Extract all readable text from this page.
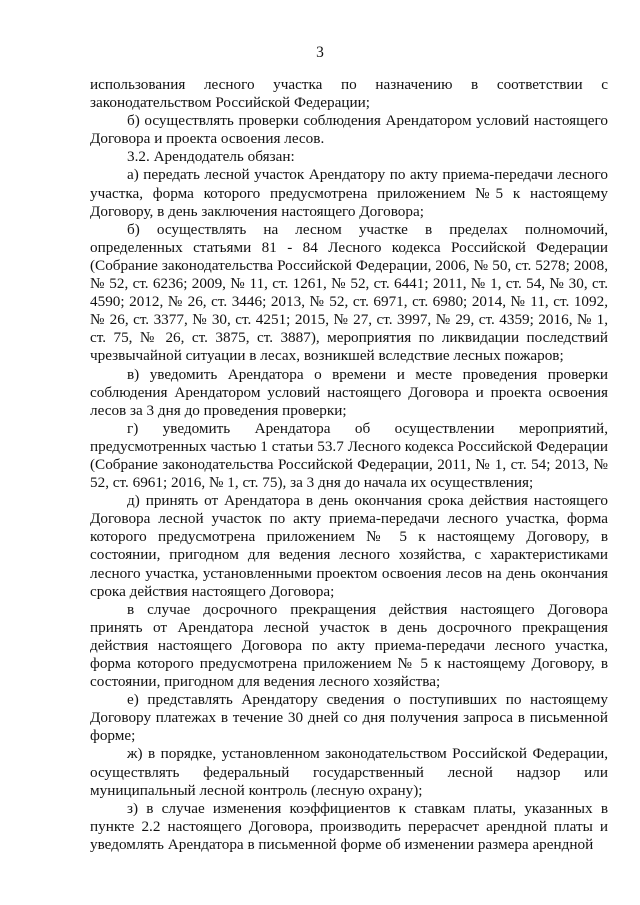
3

использования лесного участка по назначению в соответствии с законодательством Российской Федерации;

б) осуществлять проверки соблюдения Арендатором условий настоящего Договора и проекта освоения лесов.

3.2. Арендодатель обязан:

а) передать лесной участок Арендатору по акту приема-передачи лесного участка, форма которого предусмотрена приложением №5 к настоящему Договору, в день заключения настоящего Договора;

б) осуществлять на лесном участке в пределах полномочий, определенных статьями 81 - 84 Лесного кодекса Российской Федерации (Собрание законодательства Российской Федерации, 2006, № 50, ст. 5278; 2008, № 52, ст. 6236; 2009, № 11, ст. 1261, № 52, ст. 6441; 2011, № 1, ст. 54, № 30, ст. 4590; 2012, № 26, ст. 3446; 2013, № 52, ст. 6971, ст. 6980; 2014, № 11, ст. 1092, № 26, ст. 3377, № 30, ст. 4251; 2015, № 27, ст. 3997, № 29, ст. 4359; 2016, № 1, ст. 75, № 26, ст. 3875, ст. 3887), мероприятия по ликвидации последствий чрезвычайной ситуации в лесах, возникшей вследствие лесных пожаров;

в) уведомить Арендатора о времени и месте проведения проверки соблюдения Арендатором условий настоящего Договора и проекта освоения лесов за 3 дня до проведения проверки;

г) уведомить Арендатора об осуществлении мероприятий, предусмотренных частью 1 статьи 53.7 Лесного кодекса Российской Федерации (Собрание законодательства Российской Федерации, 2011, № 1, ст. 54; 2013, № 52, ст. 6961; 2016, № 1, ст. 75), за 3 дня до начала их осуществления;

д) принять от Арендатора в день окончания срока действия настоящего Договора лесной участок по акту приема-передачи лесного участка, форма которого предусмотрена приложением № 5 к настоящему Договору, в состоянии, пригодном для ведения лесного хозяйства, с характеристиками лесного участка, установленными проектом освоения лесов на день окончания срока действия настоящего Договора;

в случае досрочного прекращения действия настоящего Договора принять от Арендатора лесной участок в день досрочного прекращения действия настоящего Договора по акту приема-передачи лесного участка, форма которого предусмотрена приложением № 5 к настоящему Договору, в состоянии, пригодном для ведения лесного хозяйства;

е) представлять Арендатору сведения о поступивших по настоящему Договору платежах в течение 30 дней со дня получения запроса в письменной форме;

ж) в порядке, установленном законодательством Российской Федерации, осуществлять федеральный государственный лесной надзор или муниципальный лесной контроль (лесную охрану);

з) в случае изменения коэффициентов к ставкам платы, указанных в пункте 2.2 настоящего Договора, производить перерасчет арендной платы и уведомлять Арендатора в письменной форме об изменении размера арендной
